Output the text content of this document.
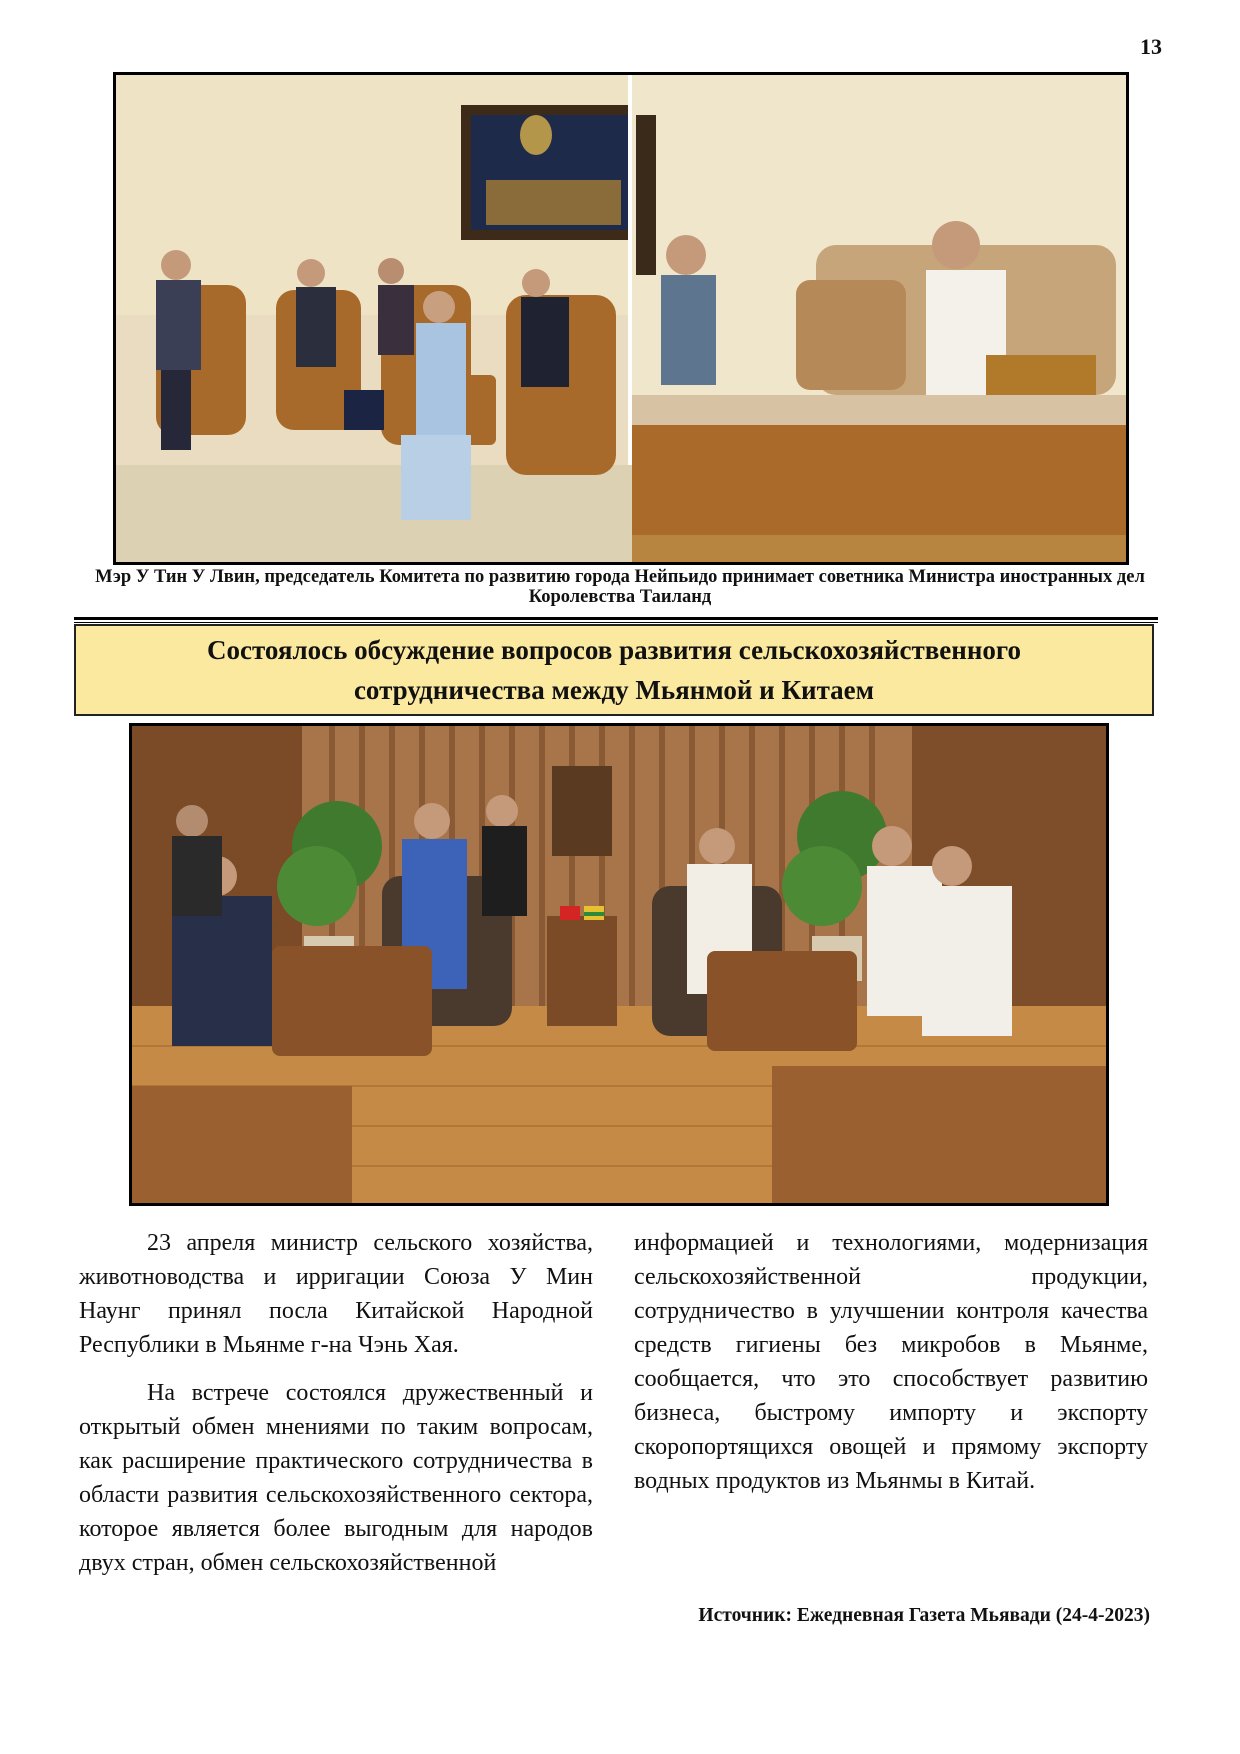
13
Мэр У Тин У Лвин, председатель Комитета по развитию города Нейпьидо принимает советника Министра иностранных дел Королевства Таиланд
Состоялось обсуждение вопросов развития сельскохозяйственного сотрудничества между Мьянмой и Китаем

23 апреля министр сельского хозяйства, животноводства и ирригации Союза У Мин Наунг принял посла Китайской Народной Республики в Мьянме г-на Чэнь Хая.

На встрече состоялся дружественный и открытый обмен мнениями по таким вопросам, как расширение практического сотрудничества в области развития сельскохозяйственного сектора, которое является более выгодным для народов двух стран, обмен сельскохозяйственной

информацией и технологиями, модернизация сельскохозяйственной продукции, сотрудничество в улучшении контроля качества средств гигиены без микробов в Мьянме, сообщается, что это способствует развитию бизнеса, быстрому импорту и экспорту скоропортящихся овощей и прямому экспорту водных продуктов из Мьянмы в Китай.

Источник: Ежедневная Газета Мьявади (24-4-2023)
